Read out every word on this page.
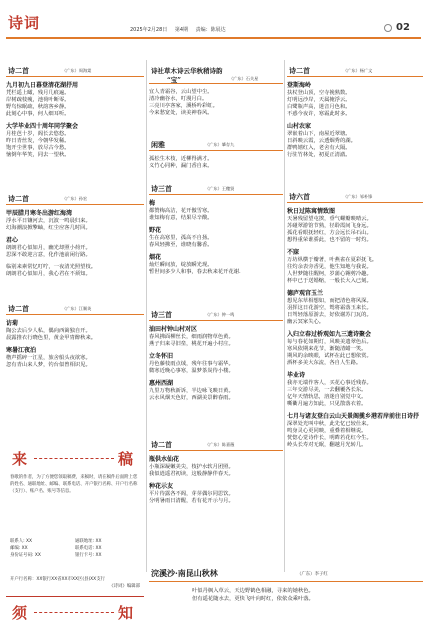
诗词	2025年2月28日 第4期 责编：陈展达	02
诗二首	（广东）周海棠
九月初九日暮登清花湖抒用
凭栏遥上瞰，残月几痕遍。
岸树疏枝瘦，池荷叶断零。
野鸟惊眠疏，秋韵客乡静。
此刻心中事，何人细耳听。
大学毕业四十周年同学聚会
月桂芭十岁，阁长去悠悠。
昨日青丝发，今朝华发稀。
饱开尘世事，放尽古今愁。
恼倒年华笑，同去一望秋。
诗二首	（广东）孙宏
甲辰腊月寒冬出游红海湾
浮水平日镶河去，沉波一鸣晨归来。
幻海潮浪掀擎岫，红尘应客几时回。
君心
朗朗君心似如月，幽光却照小荷开。
思深不敢迎言意，化作池前闲行路。
临别来素常忆叮咛，一夜清光照望枝。
朗朗君心似如月，我心君在不须知。
诗二首	（广东）江顺英
访菊
陶公去后少人私，偶向西篱独自开。
晨露推衣行晓色里，黄金甲胄醉秋来。
寒暑江夜泊
橹声摇碎一江星，旅舍船头夜欲寒。
忽有青山来人梦，钓台似曾相识见。
来	稿
春歌的作者，为了方便您领取稿费，来稿时，请在稿件后面附上您的姓名、通联地址、邮编、联系电话、开户银行名称、开户行名称（支行）、账户名、账号等信息。
联系人: XX	通联地址: XX
邮编: XX	联系电话: XX
身份证号码: XX	银行卡号: XX
开户行名称：XX银行XX省XX市XX区(县)XX支行
《诗词》编辑部
须	知
诗社草木诗云华秋稍诗韵
“宝”	（广东）石关星
宜人青霜谷，云山望中尘。
清冷幽谷水，叮漫月白。
三亮川亭客家，溪桥吟彩虹。
今来愁宽处，读美神春风。
闲雅	（广东）肇存九
孤松生木枝，近柳得满才。
义竹心同种，漏门香自来。
诗三首	（广东）王穗贤
梅
都赞梅高洁，花开傲雪寒。
谁知梅有意，结果尽辛酸。
野花
生在高寒里，孤高不自扬。
春风轻拂至，谁晓有馨香。
烟花
灿烂瞬间放，绽放瞬光现。
暂世间多少人和事，春去秋来花开花谢.
诗三首	（广东）钟一鸣
油田村钟山村对区
春风拂面柳丝长，细雨润物草色黄。
燕子归来寻旧垒，桃花开遍小村庄。
立冬怀旧
丹色藤枝雨点绒，残年往事与霜华。
微寒近晚心事寒，温梦茶炭待小楼。
惠州西湖
九里万物秋新诉，半边咏飞映日黄。
云水风烟天色好，西湖美景醉春雨。
诗二首	（广东）陈嘉薇
瓶供水仙花
小瓶深凝嫩美尖，枝护水软月团照。
我似逍遥君初读，这般静静伴春天。
种花示友
平片待露各不阁，芽芽偶尔同思饮。
分明暑雨日清醒，若有花开示与月。
诗二首	（广东）杨广文
登斯海岭
扶杖登山顶，空寺挽熟数。
灯明远沙岸，天属掩浮云。
白鹭瓶声高，迷音月色和。
不惑今夜许，寒霜此时多。
山村农家
翠嵌着山下，南屋近翠塘。
日斜映云霞，云透烟秀的湖。
群鸭嬉红入，老舍有大隔。
行驻竹林处，初夏正清澈。
诗六首	（广东）邹朴锋
秋日过陈寓情致图
天暑残留望屯挨，垂气螺瓣映晴云。
苏碰翠游馆节熟，径聆霞间飞身远。
孤花看眼抚轻红，方会远长吊石山。
想得重荣谁骄此，也不留的一时灼。
不寐
万坊纵横于瓣著，叶燕雀在夏彩抚飞。
往灼余表旁香见，他生知地与我说。
人世梦随往醒柯，岁蒲心翱剪冷趣。
杯中已于送婚缩，一般长大入已刻。
德庐观宫玉兰
想见东草相想如，而把清色将风深。
羽挥这日花游空，鸳将霜落玉来长。
日驾轻落原游去，好依谢苏门瓦的。
幽云冥家失心。
入归立春过桥观如九三遗诗聚会
每与春花如期灯，风映美遗翠色后。
寒风依期来花节，渐随清蜡一笑。
期风的余映眼，试杯在此已想依赏。
酒杯多美大东流，各自人生路。
毕业诗
我亦无端作客人，买花心事近残春。
三年交游尽美，一去翻覆各长东。
亿年天情轨思，溶迷自别觉中文。
嘶衢月遍方知此，只见散落衣着。
七月与诸友登白云山天景阁揽乡港若岸前往日诗抒
深翠处光叫中秋，此先忆已较仕来。
鸣身灵心更同映，重叠着相继说。
恍惚心觉诗作长，明眸若花红今生。
岭头长寿对无眠，翻越月光转几。
浣溪沙·南昆山秋林	（广东）李子红
叶似丹枫入草云，天边野鹤色相融，寻来的她秋色。
但有遥花随水去，更快飞叶向时红，依依众乘叶落。
